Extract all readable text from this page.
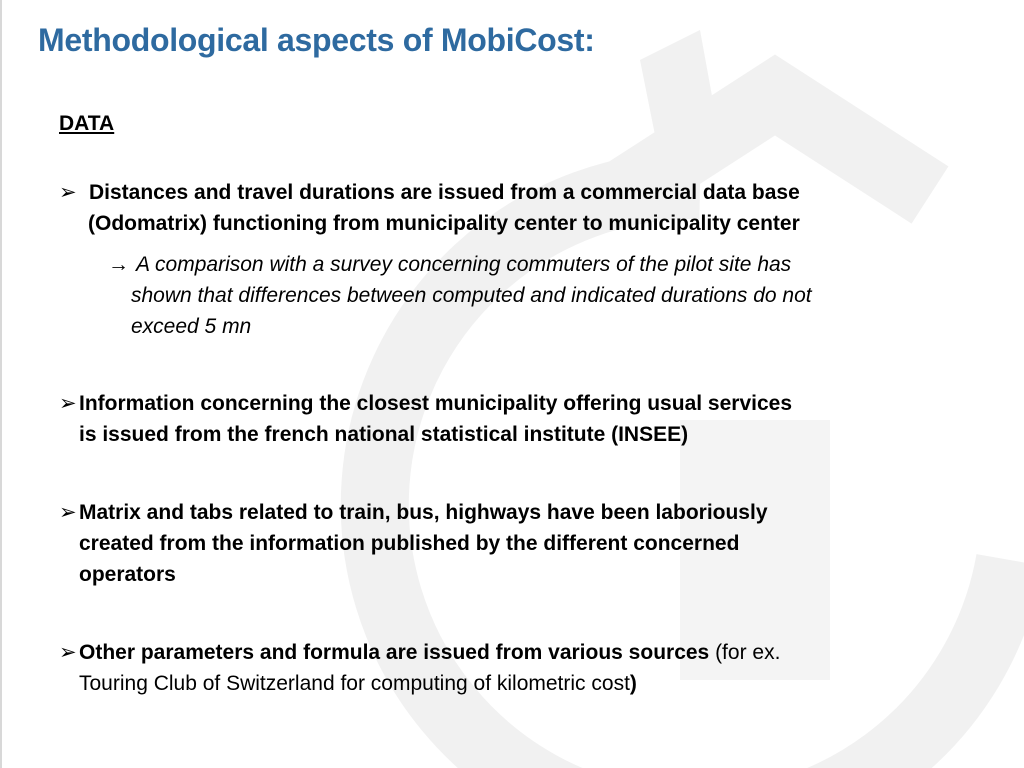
Methodological aspects of MobiCost:
DATA
➢ Distances and travel durations are issued from a commercial data base
(Odomatrix) functioning from municipality center to municipality center
→ A comparison with a survey concerning commuters of the pilot site has
shown that differences between computed and indicated durations do not
exceed 5 mn
➢ Information concerning the closest municipality offering usual services
is issued from the french national statistical institute (INSEE)
➢ Matrix and tabs related to train, bus, highways have been laboriously
created from the information published by the different concerned
operators
➢ Other parameters and formula are issued from various sources (for ex.
Touring Club of Switzerland for computing of kilometric cost)
